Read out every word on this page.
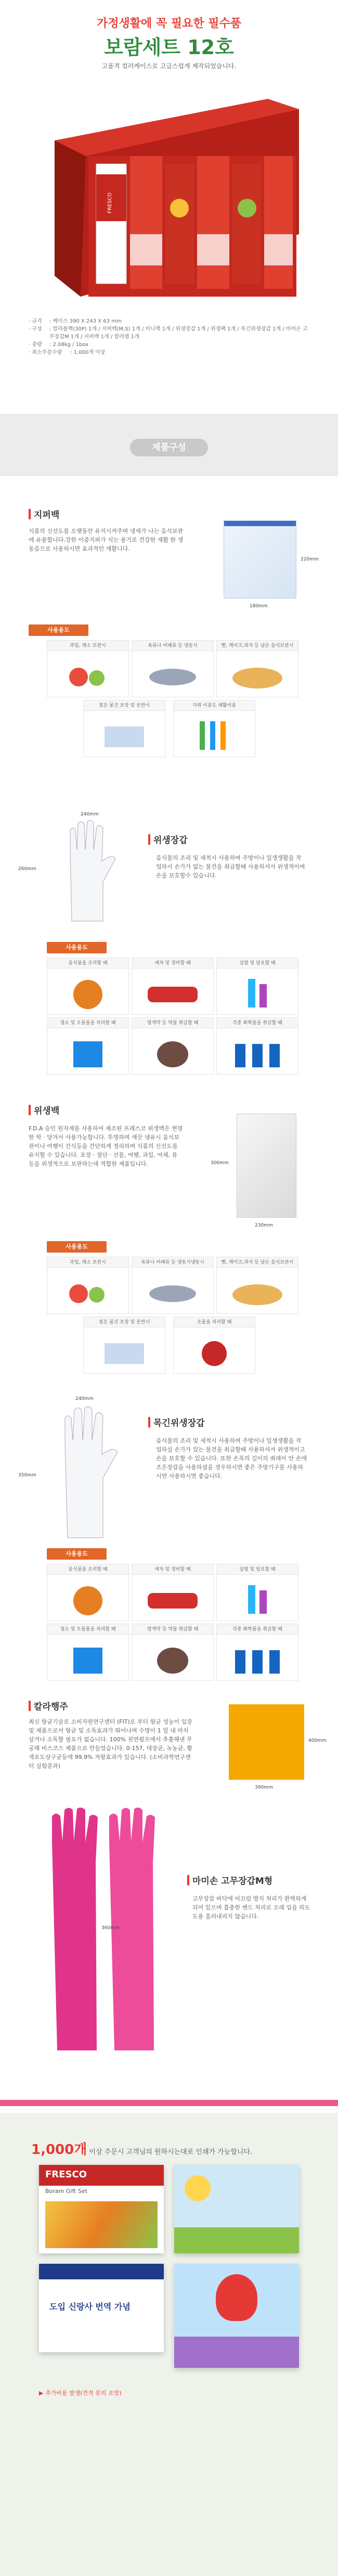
가정생활에 꼭 필요한 필수품
보람세트 12호
고품격 컬러케이스로 고급스럽게 제작되었습니다.
FRESCO
· 규격	: 케이스 390 X 243 X 63 mm
· 구성	: 칼라롤백(30P) 1개 / 지퍼백(M,S) 1개 / 미니백 1개 / 위생장갑 1개 / 위생팩 1개 / 목긴위생장갑 1개 / 마미손 고무장갑M 1개 / 지퍼백 1개 / 칼라랩 1개
· 중량	: 2.08kg / 1box
· 최소주문수량	: 1,000개 이상
제품구성
지퍼백
식품의 신선도를 오랫동안 유지시켜주며 냉세가 나는 음식보관에 유용합니다.강한 이중지퍼가 식는 용기로 건강한 재활 한 생동음으로 사용하시면 효과적인 재활니다.
180mm
220mm
사용용도
과일, 채소 보관시	육류나 어패류 등 냉동시	빵, 케이크,과자 등 남은 음식보관시
젖은 물건 포장 및 운반시	가위 이용도 재활이용
240mm
260mm
위생장갑
음식물의 조리 및 세척시 사용하며 주방이나 일생생활을 작업하시 손가가 없는 물건을 취급할때 사용하셔서 위생적이며 손을 보호할수 있습니다.
사용용도
음식물을 조리할 때	세차 및 정비할 때	실험 및 담요할 때
청소 및 오물물을 처리할 때	염색약 등 약물 취급할 때	각종 화학물을 취급할 때
위생백
F.D.A 승인 원자재를 사용하여 제조된 프레스코 위생백은 현명한 학 · 당겨서 사용가능합니다. 투명하며 깨끗 냉유시 음식보관이나 여행이 간식등을 간단하게 정리하며 식품의 신선도를 유지할 수 있습니다. 포장 · 절단 · 선물, 여행, 과일, 여채, 류 등을 위생적으로 보관하는데 적합한 제품입니다.
230mm
300mm
사용용도
과일, 채소 보관시	육류나 어패류 등 냉동시냉동시	빵, 케이크,과자 등 남은 음식보관시
젖은 물건 포장 및 운반시	오물을 처리할 때
240mm
350mm
목긴위생장갑
음식물의 조리 및 세척시 사용하며 주방이나 일생생활을 작업하실 손가가 있는 물건을 취급할때 사용하셔서 위생적이고 손을 보호할 수 있습니다. 또한 손목의 길이의 쿼레이 안 손에 조은장갑을 사용하셨을 경우하시면 좋은 주방기구를 사용하시면 사용하시면 좋습니다.
사용용도
음식물을 조리할 때	세차 및 정비할 때	실험 및 담요할 때
청소 및 오물물을 처리할 때	염색약 등 약물 취급할 때	각종 화학물을 취급할 때
칼라행주
최신 항균기술로 소비자원연구센터 (FIT)로 부터 항균 성능이 입증 및 제품으로서 항균 및 소독효과가 뛰어나며 수명이 1 일 내 마치 살거나 소독할 필요가 없습니다. 100% 천연펄프에서 추출해낸 무공해 비스코스 제품으로 만들었습니다. 0-157, 대장균, 녹농균, 황색포도상구균등에 99.9% 저항효과가 있습니다. (소비과학연구센터 실험증과)
390mm
400mm
360mm
마미손 고무장갑M형
고무장갑 바닥에 미끄럼 방지 처리가 완벽하게 되어 있으며 흡충한 밴드 처리로 오래 입을 하도 도용 흘러내리지 않습니다.
1,000개 이상 주문시 고객님의 원하시는대로 인쇄가 가능합니다.
FRESCO
Boram Gift Set
도입 신랑사 번역 가념
▶ 추가비용 발생(견적 문의 요망)
